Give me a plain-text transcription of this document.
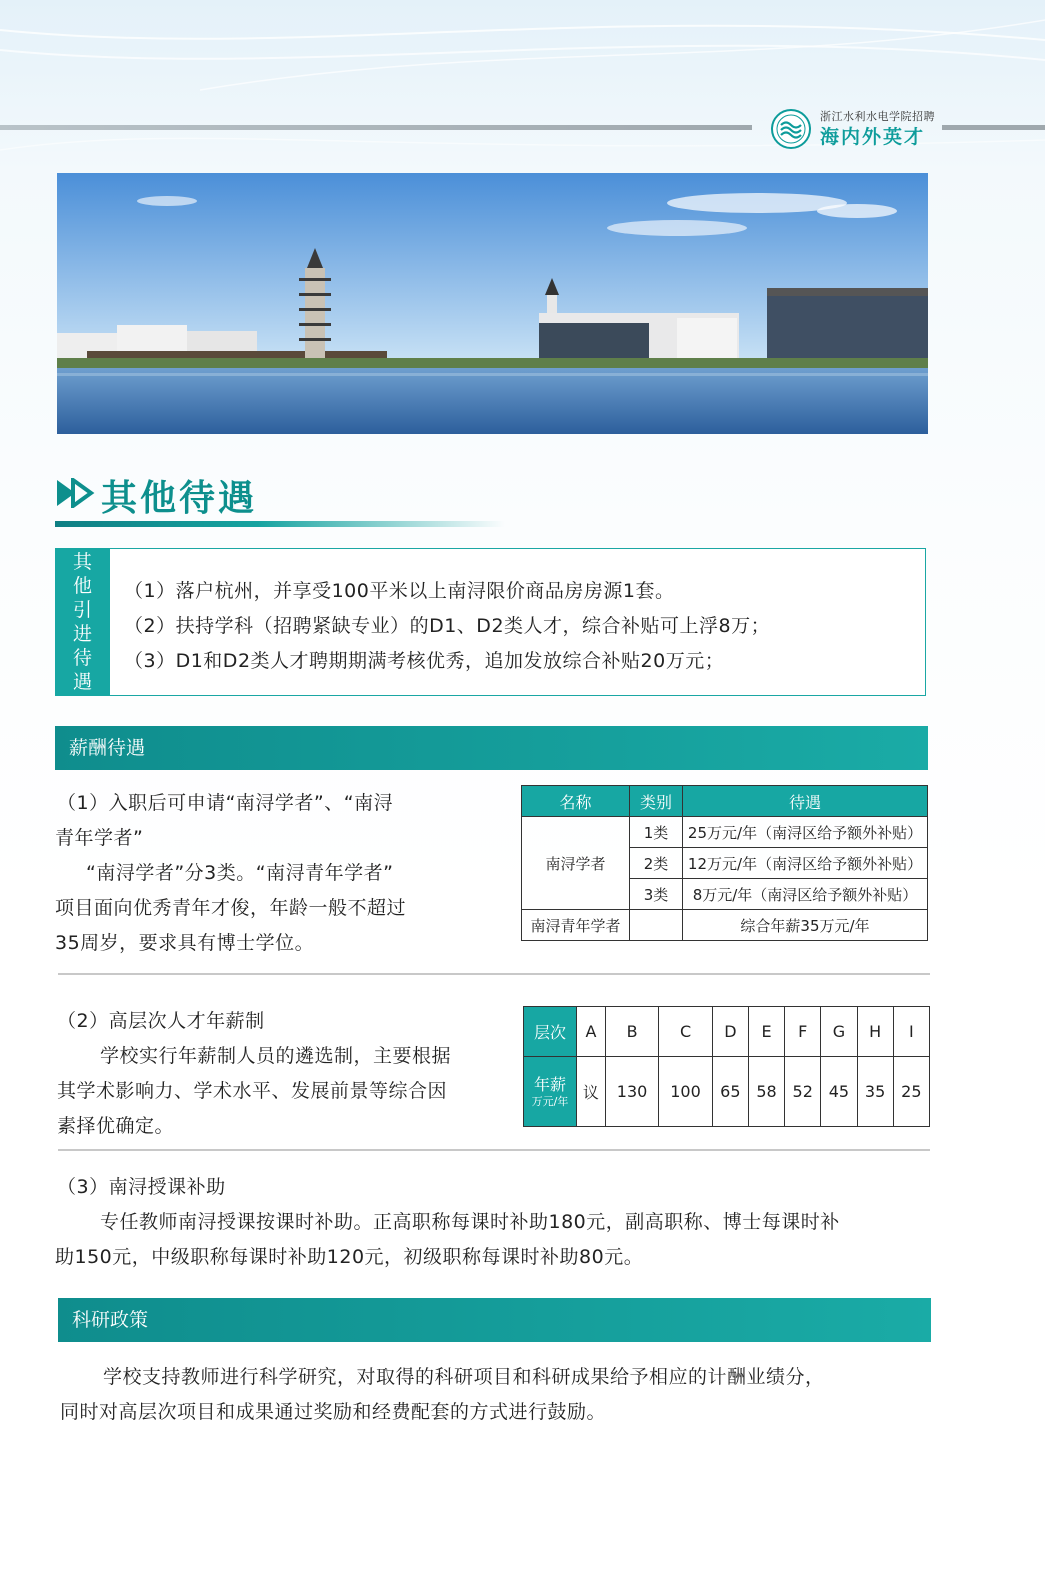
浙江水利水电学院招聘
海内外英才
其他待遇
其他引进待遇
（1）落户杭州，并享受100平米以上南浔限价商品房房源1套。
（2）扶持学科（招聘紧缺专业）的D1、D2类人才，综合补贴可上浮8万；
（3）D1和D2类人才聘期期满考核优秀，追加发放综合补贴20万元；
薪酬待遇
（1）入职后可申请“南浔学者”、“南浔
青年学者”
“南浔学者”分3类。“南浔青年学者”
项目面向优秀青年才俊，年龄一般不超过
35周岁，要求具有博士学位。
名称	类别	待遇
南浔学者	1类	25万元/年（南浔区给予额外补贴）
	2类	12万元/年（南浔区给予额外补贴）
	3类	8万元/年（南浔区给予额外补贴）
南浔青年学者		综合年薪35万元/年
（2）高层次人才年薪制
学校实行年薪制人员的遴选制，主要根据
其学术影响力、学术水平、发展前景等综合因
素择优确定。
层次	A	B	C	D	E	F	G	H	I

年薪
万元/年	议	130	100	65	58	52	45	35	25
（3）南浔授课补助
专任教师南浔授课按课时补助。正高职称每课时补助180元，副高职称、博士每课时补
助150元，中级职称每课时补助120元，初级职称每课时补助80元。
科研政策
学校支持教师进行科学研究，对取得的科研项目和科研成果给予相应的计酬业绩分，
同时对高层次项目和成果通过奖励和经费配套的方式进行鼓励。
